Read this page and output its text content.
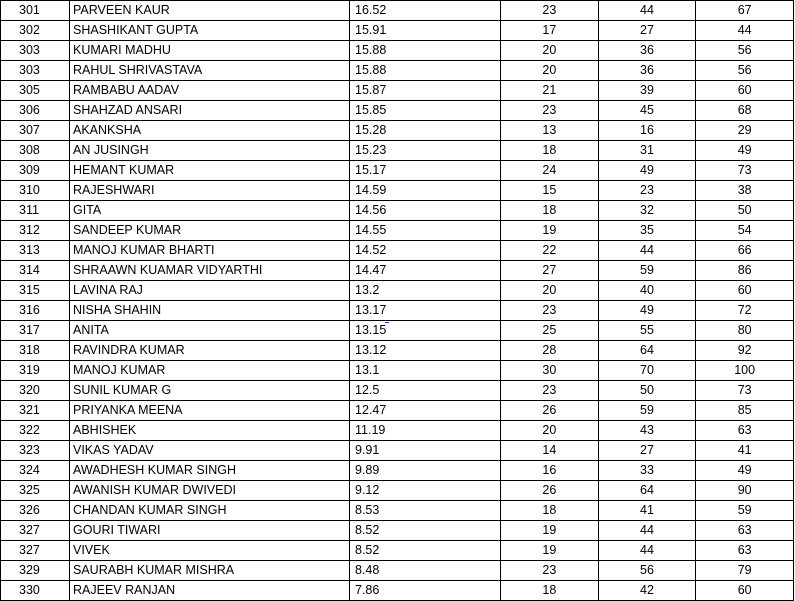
301	PARVEEN KAUR	16.52	23	44	67
302	SHASHIKANT GUPTA	15.91	17	27	44
303	KUMARI MADHU	15.88	20	36	56
303	RAHUL SHRIVASTAVA	15.88	20	36	56
305	RAMBABU AADAV	15.87	21	39	60
306	SHAHZAD ANSARI	15.85	23	45	68
307	AKANKSHA	15.28	13	16	29
308	AN JUSINGH	15.23	18	31	49
309	HEMANT KUMAR	15.17	24	49	73
310	RAJESHWARI	14.59	15	23	38
311	GITA	14.56	18	32	50
312	SANDEEP KUMAR	14.55	19	35	54
313	MANOJ KUMAR BHARTI	14.52	22	44	66
314	SHRAAWN KUAMAR VIDYARTHI	14.47	27	59	86
315	LAVINA RAJ	13.2	20	40	60
316	NISHA SHAHIN	13.17	23	49	72
317	ANITA	13.15	25	55	80
318	RAVINDRA KUMAR	13.12	28	64	92
319	MANOJ KUMAR	13.1	30	70	100
320	SUNIL KUMAR G	12.5	23	50	73
321	PRIYANKA MEENA	12.47	26	59	85
322	ABHISHEK	11.19	20	43	63
323	VIKAS YADAV	9.91	14	27	41
324	AWADHESH KUMAR SINGH	9.89	16	33	49
325	AWANISH KUMAR DWIVEDI	9.12	26	64	90
326	CHANDAN KUMAR SINGH	8.53	18	41	59
327	GOURI TIWARI	8.52	19	44	63
327	VIVEK	8.52	19	44	63
329	SAURABH KUMAR MISHRA	8.48	23	56	79
330	RAJEEV RANJAN	7.86	18	42	60
